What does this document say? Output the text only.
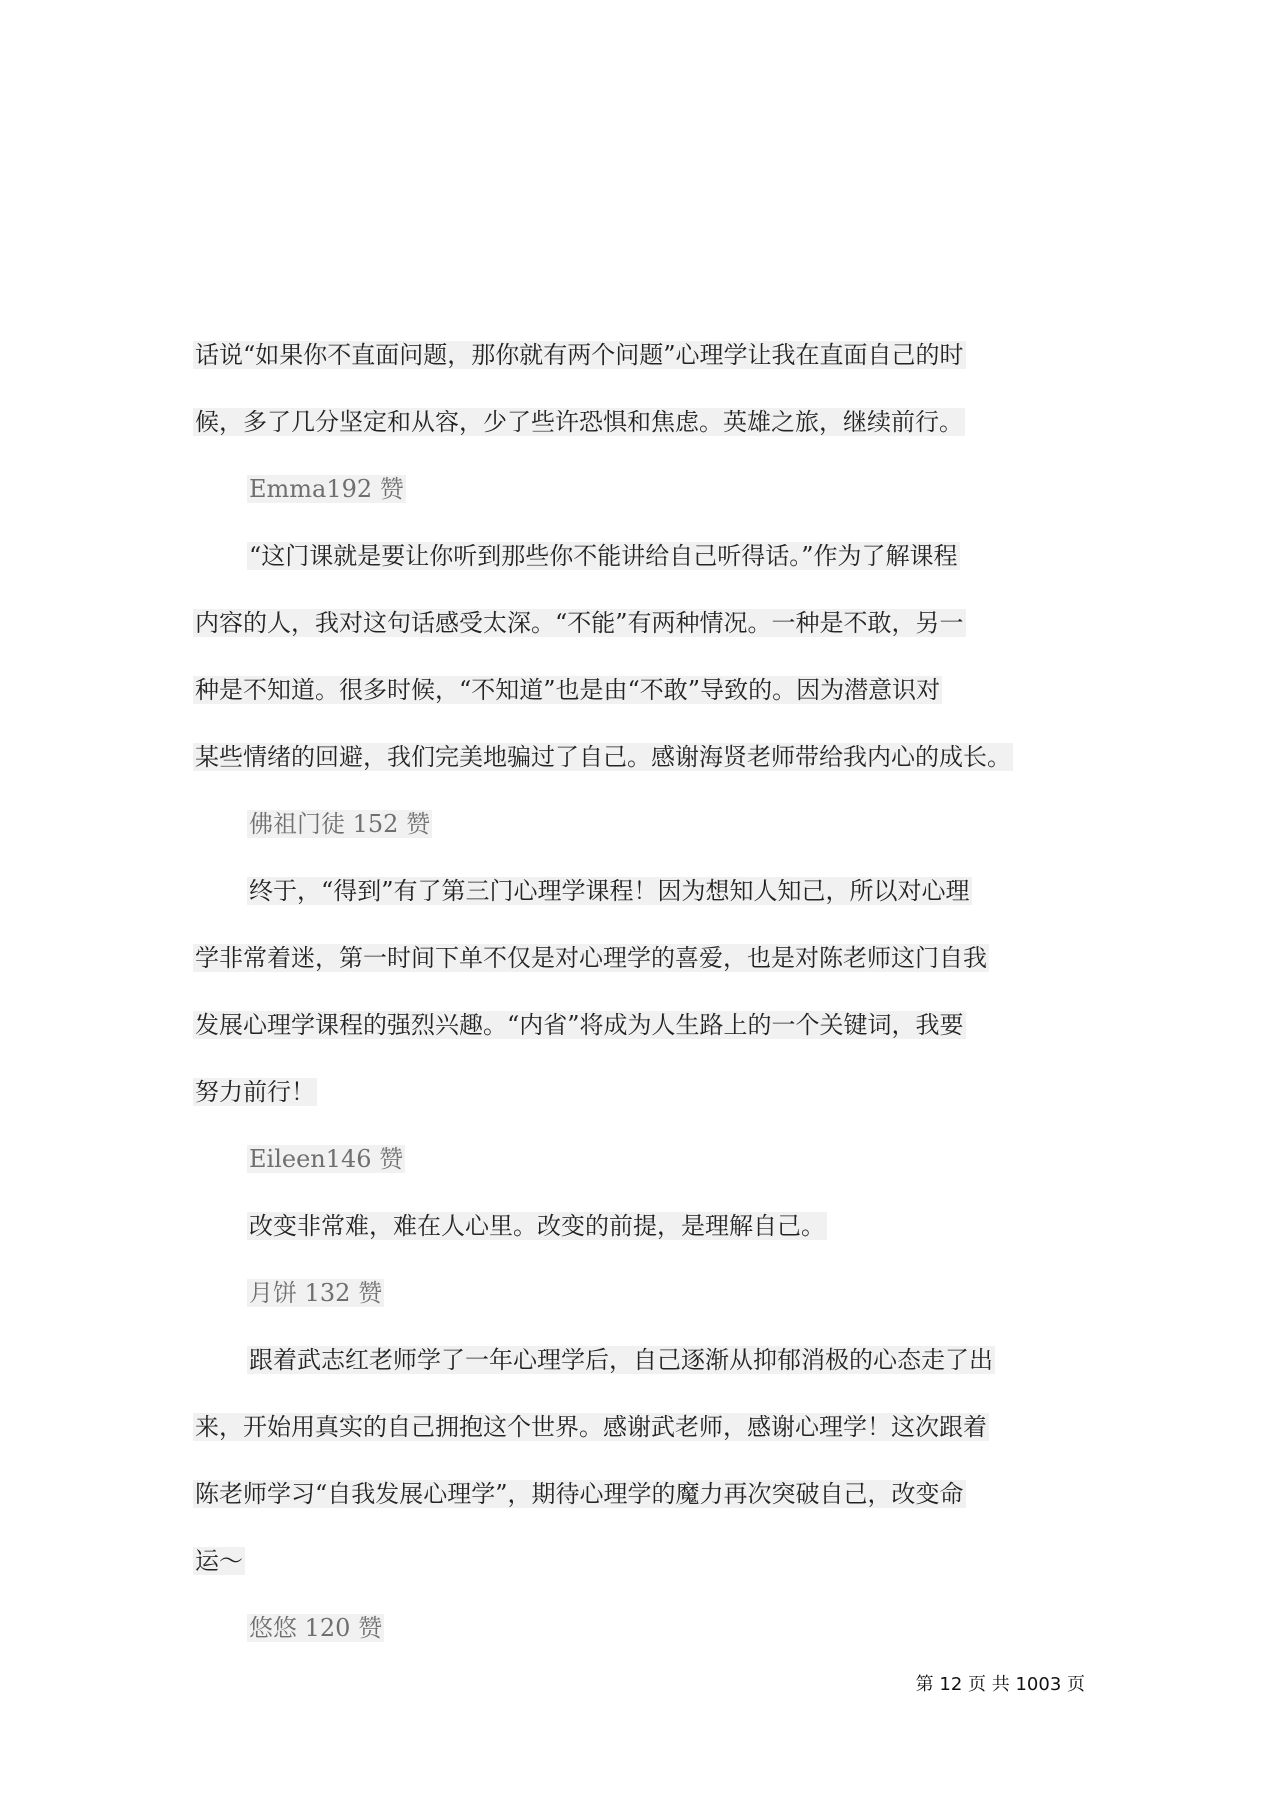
话说“如果你不直面问题，那你就有两个问题”心理学让我在直面自己的时
候，多了几分坚定和从容，少了些许恐惧和焦虑。英雄之旅，继续前行。
Emma192 赞
“这门课就是要让你听到那些你不能讲给自己听得话。”作为了解课程
内容的人，我对这句话感受太深。“不能”有两种情况。一种是不敢，另一
种是不知道。很多时候，“不知道”也是由“不敢”导致的。因为潜意识对
某些情绪的回避，我们完美地骗过了自己。感谢海贤老师带给我内心的成长。
佛祖门徒 152 赞
终于，“得到”有了第三门心理学课程！因为想知人知己，所以对心理
学非常着迷，第一时间下单不仅是对心理学的喜爱，也是对陈老师这门自我
发展心理学课程的强烈兴趣。“内省”将成为人生路上的一个关键词，我要
努力前行！
Eileen146 赞
改变非常难，难在人心里。改变的前提，是理解自己。
月饼 132 赞
跟着武志红老师学了一年心理学后，自己逐渐从抑郁消极的心态走了出
来，开始用真实的自己拥抱这个世界。感谢武老师，感谢心理学！这次跟着
陈老师学习“自我发展心理学”，期待心理学的魔力再次突破自己，改变命
运～
悠悠 120 赞
第 12 页 共 1003 页
